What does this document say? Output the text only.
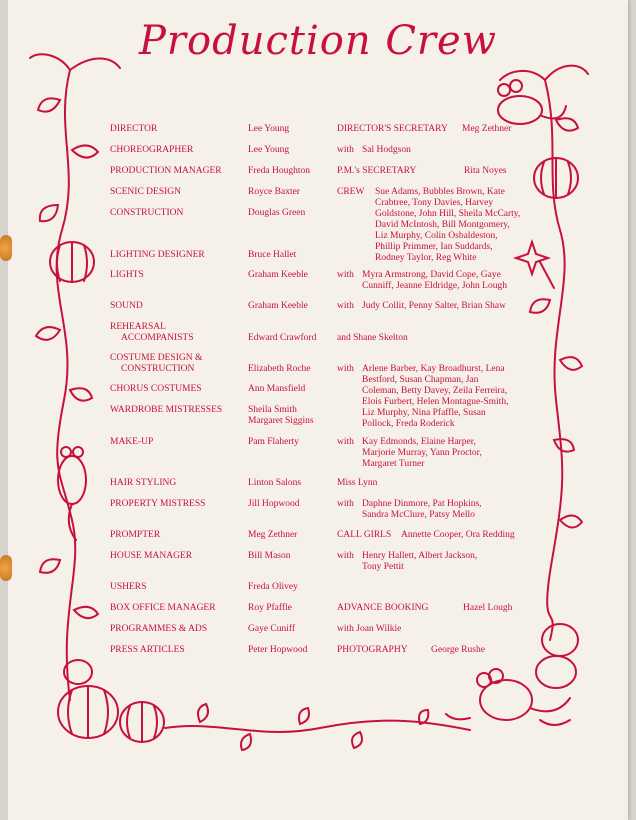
Production Crew
DIRECTOR	Lee Young	DIRECTOR'S SECRETARY Meg Zethner
CHOREOGRAPHER	Lee Young	with Sal Hodgson
PRODUCTION MANAGER	Freda Houghton	P.M.'s SECRETARY	Rita Noyes
SCENIC DESIGN	Royce Baxter	CREW Sue Adams, Bubbles Brown, Kate
Crabtree, Tony Davies, Harvey
Goldstone, John Hill, Sheila McCarty,
David McIntosh, Bill Montgomery,
Liz Murphy, Colin Osbaldeston,
Phillip Primmer, Ian Suddards,
Rodney Taylor, Reg White
CONSTRUCTION	Douglas Green
LIGHTING DESIGNER	Bruce Hallet
LIGHTS	Graham Keeble	with Myra Armstrong, David Cope, Gaye
Cunniff, Jeanne Eldridge, John Lough
SOUND	Graham Keeble	with Judy Collit, Penny Salter, Brian Shaw
REHEARSAL
ACCOMPANISTS	Edward Crawford and Shane Skelton
COSTUME DESIGN &
CONSTRUCTION	Elizabeth Roche	with Arlene Barber, Kay Broadhurst, Lena
Bestford, Susan Chapman, Jan
Coleman, Betty Davey, Zeila Ferreira,
Elois Furbert, Helen Montague-Smith,
Liz Murphy, Nina Pfaffle, Susan
Pollock, Freda Roderick
CHORUS COSTUMES	Ann Mansfield
WARDROBE MISTRESSES	Sheila Smith
Margaret Siggins
MAKE-UP	Pam Flaherty	with Kay Edmonds, Elaine Harper,
Marjorie Murray, Yann Proctor,
Margaret Turner
HAIR STYLING	Linton Salons	Miss Lynn
PROPERTY MISTRESS	Jill Hopwood	with Daphne Dinmore, Pat Hopkins,
Sandra McClure, Patsy Mello
PROMPTER	Meg Zethner	CALL GIRLS Annette Cooper, Ora Redding
HOUSE MANAGER	Bill Mason	with Henry Hallett, Albert Jackson,
Tony Pettit
USHERS	Freda Olivey
BOX OFFICE MANAGER	Roy Pfaffle	ADVANCE BOOKING	Hazel Lough
PROGRAMMES & ADS	Gaye Cuniff	with Joan Wilkie
PRESS ARTICLES	Peter Hopwood	PHOTOGRAPHY George Rushe
